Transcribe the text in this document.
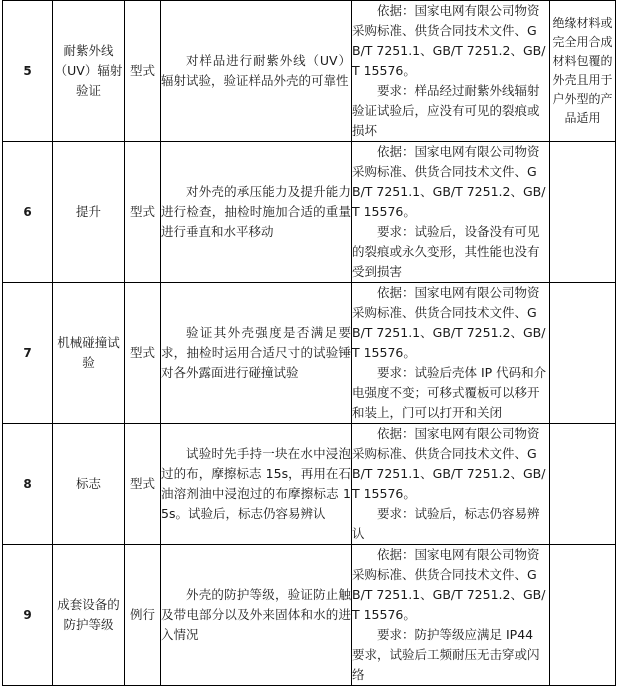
5	耐紫外线（UV）辐射验证	型式	对样品进行耐紫外线（UV）辐射试验，验证样品外壳的可靠性	依据：国家电网有限公司物资采购标准、供货合同技术文件、GB/T 7251.1、GB/T 7251.2、GB/T 15576。

要求：样品经过耐紫外线辐射验证试验后，应没有可见的裂痕或损坏	绝缘材料或完全用合成材料包覆的外壳且用于户外型的产品适用
6	提升	型式	对外壳的承压能力及提升能力进行检查，抽检时施加合适的重量进行垂直和水平移动	依据：国家电网有限公司物资采购标准、供货合同技术文件、GB/T 7251.1、GB/T 7251.2、GB/T 15576。

要求：试验后，设备没有可见的裂痕或永久变形，其性能也没有受到损害	

7	机械碰撞试验	型式	验证其外壳强度是否满足要求，抽检时运用合适尺寸的试验锤对各外露面进行碰撞试验	依据：国家电网有限公司物资采购标准、供货合同技术文件、GB/T 7251.1、GB/T 7251.2、GB/T 15576。

要求：试验后壳体 IP 代码和介电强度不变；可移式覆板可以移开和装上，门可以打开和关闭	

8	标志	型式	试验时先手持一块在水中浸泡过的布，摩擦标志 15s，再用在石油溶剂油中浸泡过的布摩擦标志 15s。试验后，标志仍容易辨认	依据：国家电网有限公司物资采购标准、供货合同技术文件、GB/T 7251.1、GB/T 7251.2、GB/T 15576。

要求：试验后，标志仍容易辨认	

9	成套设备的防护等级	例行	外壳的防护等级，验证防止触及带电部分以及外来固体和水的进入情况	依据：国家电网有限公司物资采购标准、供货合同技术文件、GB/T 7251.1、GB/T 7251.2、GB/T 15576。

要求：防护等级应满足 IP44 要求，试验后工频耐压无击穿或闪络	
